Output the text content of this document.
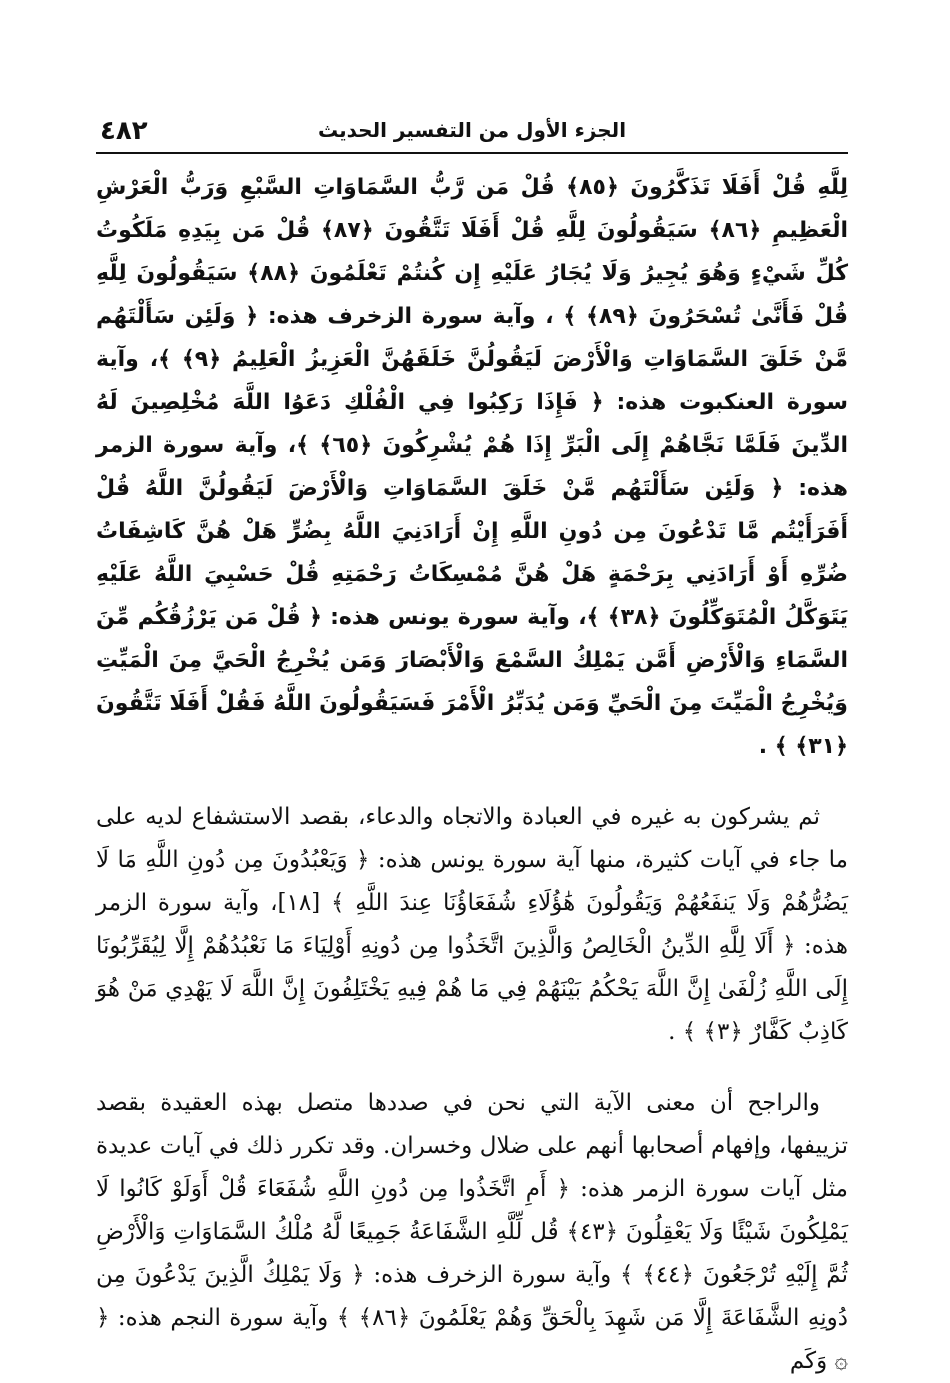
٤٨٢	الجزء الأول من التفسير الحديث

لِلَّهِ قُلْ أَفَلَا تَذَكَّرُونَ ﴿٨٥﴾ قُلْ مَن رَّبُّ السَّمَاوَاتِ السَّبْعِ وَرَبُّ الْعَرْشِ الْعَظِيمِ ﴿٨٦﴾ سَيَقُولُونَ لِلَّهِ قُلْ أَفَلَا تَتَّقُونَ ﴿٨٧﴾ قُلْ مَن بِيَدِهِ مَلَكُوتُ كُلِّ شَيْءٍ وَهُوَ يُجِيرُ وَلَا يُجَارُ عَلَيْهِ إِن كُنتُمْ تَعْلَمُونَ ﴿٨٨﴾ سَيَقُولُونَ لِلَّهِ قُلْ فَأَنَّىٰ تُسْحَرُونَ ﴿٨٩﴾ ﴾ ، وآية سورة الزخرف هذه: ﴿ وَلَئِن سَأَلْتَهُم مَّنْ خَلَقَ السَّمَاوَاتِ وَالْأَرْضَ لَيَقُولُنَّ خَلَقَهُنَّ الْعَزِيزُ الْعَلِيمُ ﴿٩﴾ ﴾، وآية سورة العنكبوت هذه: ﴿ فَإِذَا رَكِبُوا فِي الْفُلْكِ دَعَوُا اللَّهَ مُخْلِصِينَ لَهُ الدِّينَ فَلَمَّا نَجَّاهُمْ إِلَى الْبَرِّ إِذَا هُمْ يُشْرِكُونَ ﴿٦٥﴾ ﴾، وآية سورة الزمر هذه: ﴿ وَلَئِن سَأَلْتَهُم مَّنْ خَلَقَ السَّمَاوَاتِ وَالْأَرْضَ لَيَقُولُنَّ اللَّهُ قُلْ أَفَرَأَيْتُم مَّا تَدْعُونَ مِن دُونِ اللَّهِ إِنْ أَرَادَنِيَ اللَّهُ بِضُرٍّ هَلْ هُنَّ كَاشِفَاتُ ضُرِّهِ أَوْ أَرَادَنِي بِرَحْمَةٍ هَلْ هُنَّ مُمْسِكَاتُ رَحْمَتِهِ قُلْ حَسْبِيَ اللَّهُ عَلَيْهِ يَتَوَكَّلُ الْمُتَوَكِّلُونَ ﴿٣٨﴾ ﴾، وآية سورة يونس هذه: ﴿ قُلْ مَن يَرْزُقُكُم مِّنَ السَّمَاءِ وَالْأَرْضِ أَمَّن يَمْلِكُ السَّمْعَ وَالْأَبْصَارَ وَمَن يُخْرِجُ الْحَيَّ مِنَ الْمَيِّتِ وَيُخْرِجُ الْمَيِّتَ مِنَ الْحَيِّ وَمَن يُدَبِّرُ الْأَمْرَ فَسَيَقُولُونَ اللَّهُ فَقُلْ أَفَلَا تَتَّقُونَ ﴿٣١﴾ ﴾ .

ثم يشركون به غيره في العبادة والاتجاه والدعاء، بقصد الاستشفاع لديه على ما جاء في آيات كثيرة، منها آية سورة يونس هذه: ﴿ وَيَعْبُدُونَ مِن دُونِ اللَّهِ مَا لَا يَضُرُّهُمْ وَلَا يَنفَعُهُمْ وَيَقُولُونَ هَٰؤُلَاءِ شُفَعَاؤُنَا عِندَ اللَّهِ ﴾ [١٨]، وآية سورة الزمر هذه: ﴿ أَلَا لِلَّهِ الدِّينُ الْخَالِصُ وَالَّذِينَ اتَّخَذُوا مِن دُونِهِ أَوْلِيَاءَ مَا نَعْبُدُهُمْ إِلَّا لِيُقَرِّبُونَا إِلَى اللَّهِ زُلْفَىٰ إِنَّ اللَّهَ يَحْكُمُ بَيْنَهُمْ فِي مَا هُمْ فِيهِ يَخْتَلِفُونَ إِنَّ اللَّهَ لَا يَهْدِي مَنْ هُوَ كَاذِبٌ كَفَّارٌ ﴿٣﴾ ﴾ .

والراجح أن معنى الآية التي نحن في صددها متصل بهذه العقيدة بقصد تزييفها، وإفهام أصحابها أنهم على ضلال وخسران. وقد تكرر ذلك في آيات عديدة مثل آيات سورة الزمر هذه: ﴿ أَمِ اتَّخَذُوا مِن دُونِ اللَّهِ شُفَعَاءَ قُلْ أَوَلَوْ كَانُوا لَا يَمْلِكُونَ شَيْئًا وَلَا يَعْقِلُونَ ﴿٤٣﴾ قُل لِّلَّهِ الشَّفَاعَةُ جَمِيعًا لَّهُ مُلْكُ السَّمَاوَاتِ وَالْأَرْضِ ثُمَّ إِلَيْهِ تُرْجَعُونَ ﴿٤٤﴾ ﴾ وآية سورة الزخرف هذه: ﴿ وَلَا يَمْلِكُ الَّذِينَ يَدْعُونَ مِن دُونِهِ الشَّفَاعَةَ إِلَّا مَن شَهِدَ بِالْحَقِّ وَهُمْ يَعْلَمُونَ ﴿٨٦﴾ ﴾ وآية سورة النجم هذه: ﴿ ۞ وَكَم
